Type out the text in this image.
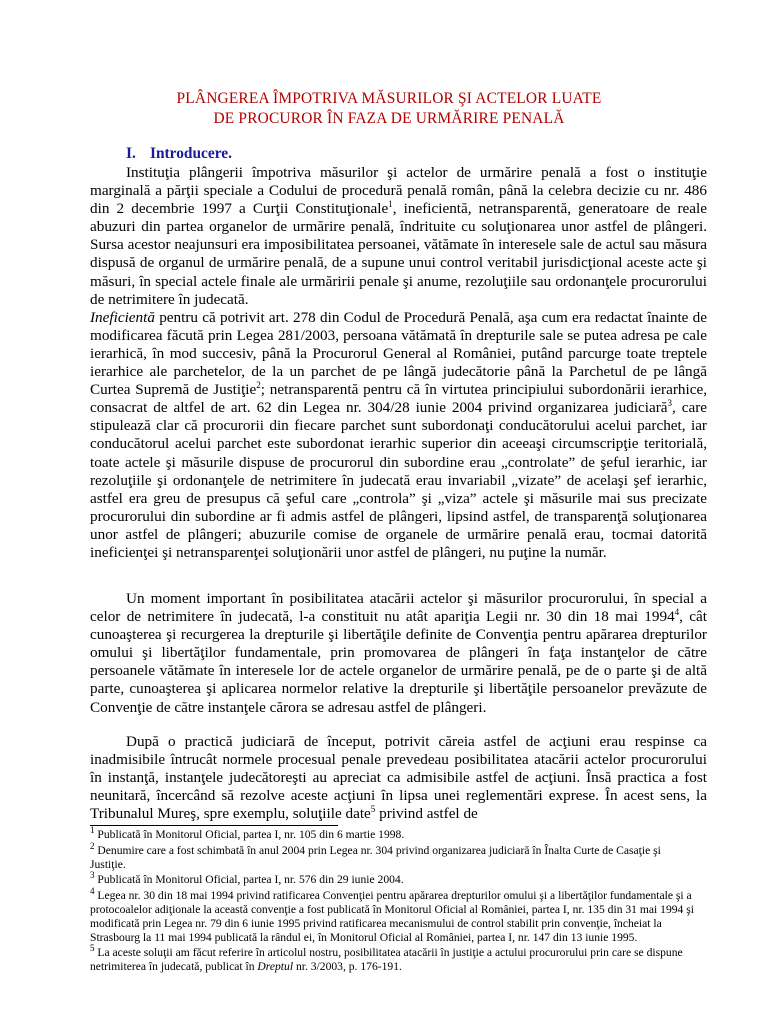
PLÂNGEREA ÎMPOTRIVA MĂSURILOR ŞI ACTELOR LUATE
DE PROCUROR ÎN FAZA DE URMĂRIRE PENALĂ
I. Introducere.

Instituţia plângerii împotriva măsurilor şi actelor de urmărire penală a fost o instituţie marginală a părţii speciale a Codului de procedură penală român, până la celebra decizie cu nr. 486 din 2 decembrie 1997 a Curţii Constituţionale$^1$, ineficientă, netransparentă, generatoare de reale abuzuri din partea organelor de urmărire penală, îndrituite cu soluţionarea unor astfel de plângeri. Sursa acestor neajunsuri era imposibilitatea persoanei, vătămate în interesele sale de actul sau măsura dispusă de organul de urmărire penală, de a supune unui control veritabil jurisdicţional aceste acte şi măsuri, în special actele finale ale urmăririi penale şi anume, rezoluţiile sau ordonanţele procurorului de netrimitere în judecată.
Ineficientă pentru că potrivit art. 278 din Codul de Procedură Penală, aşa cum era redactat înainte de modificarea făcută prin Legea 281/2003, persoana vătămată în drepturile sale se putea adresa pe cale ierarhică, în mod succesiv, până la Procurorul General al României, putând parcurge toate treptele ierarhice ale parchetelor, de la un parchet de pe lângă judecătorie până la Parchetul de pe lângă Curtea Supremă de Justiţie$^2$; netransparentă pentru că în virtutea principiului subordonării ierarhice, consacrat de altfel de art. 62 din Legea nr. 304/28 iunie 2004 privind organizarea judiciară$^3$, care stipulează clar că procurorii din fiecare parchet sunt subordonaţi conducătorului acelui parchet, iar conducătorul acelui parchet este subordonat ierarhic superior din aceeaşi circumscripţie teritorială, toate actele şi măsurile dispuse de procurorul din subordine erau „controlate” de şeful ierarhic, iar rezoluţiile şi ordonanţele de netrimitere în judecată erau invariabil „vizate” de acelaşi şef ierarhic, astfel era greu de presupus că şeful care „controla” şi „viza” actele şi măsurile mai sus precizate procurorului din subordine ar fi admis astfel de plângeri, lipsind astfel, de transparenţă soluţionarea unor astfel de plângeri; abuzurile comise de organele de urmărire penală erau, tocmai datorită ineficienţei şi netransparenţei soluţionării unor astfel de plângeri, nu puţine la număr.

Un moment important în posibilitatea atacării actelor şi măsurilor procurorului, în special a celor de netrimitere în judecată, l-a constituit nu atât apariţia Legii nr. 30 din 18 mai 1994$^4$, cât cunoaşterea şi recurgerea la drepturile şi libertăţile definite de Convenţia pentru apărarea drepturilor omului şi libertăţilor fundamentale, prin promovarea de plângeri în faţa instanţelor de către persoanele vătămate în interesele lor de actele organelor de urmărire penală, pe de o parte şi de altă parte, cunoaşterea şi aplicarea normelor relative la drepturile şi libertăţile persoanelor prevăzute de Convenţie de către instanţele cărora se adresau astfel de plângeri.

După o practică judiciară de început, potrivit căreia astfel de acţiuni erau respinse ca inadmisibile întrucât normele procesual penale prevedeau posibilitatea atacării actelor procurorului în instanţă, instanţele judecătoreşti au apreciat ca admisibile astfel de acţiuni. Însă practica a fost neunitară, încercând să rezolve aceste acţiuni în lipsa unei reglementări exprese. În acest sens, la Tribunalul Mureş, spre exemplu, soluţiile date$^5$ privind astfel de

$^1$ Publicată în Monitorul Oficial, partea I, nr. 105 din 6 martie 1998.

$^2$ Denumire care a fost schimbată în anul 2004 prin Legea nr. 304 privind organizarea judiciară în Înalta Curte de Casaţie şi Justiţie.

$^3$ Publicată în Monitorul Oficial, partea I, nr. 576 din 29 iunie 2004.

$^4$ Legea nr. 30 din 18 mai 1994 privind ratificarea Convenţiei pentru apărarea drepturilor omului şi a libertăţilor fundamentale şi a protocoalelor adiţionale la această convenţie a fost publicată în Monitorul Oficial al României, partea I, nr. 135 din 31 mai 1994 şi modificată prin Legea nr. 79 din 6 iunie 1995 privind ratificarea mecanismului de control stabilit prin convenţie, încheiat la Strasbourg la 11 mai 1994 publicată la rândul ei, în Monitorul Oficial al României, partea I, nr. 147 din 13 iunie 1995.

$^5$ La aceste soluţii am făcut referire în articolul nostru, posibilitatea atacării în justiţie a actului procurorului prin care se dispune netrimiterea în judecată, publicat în Dreptul nr. 3/2003, p. 176-191.
